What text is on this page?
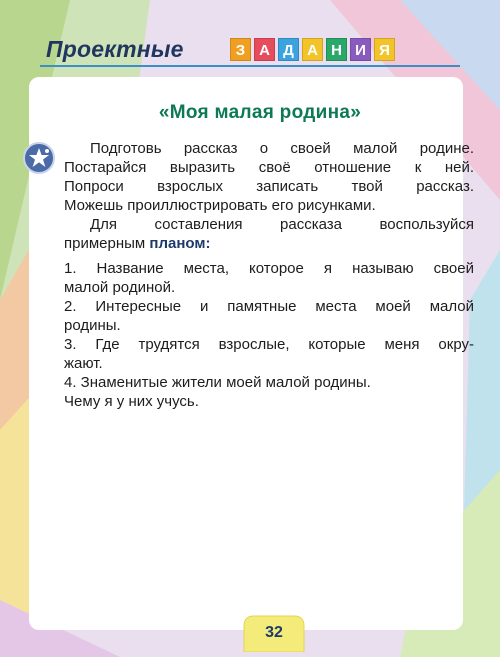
Проектные	З А Д А Н И Я
«Моя малая родина»
Подготовь рассказ о своей малой родине.
Постарайся выразить своё отношение к ней.
Попроси взрослых записать твой рассказ.
Можешь проиллюстрировать его рисунками.
Для составления рассказа воспользуйся
примерным планом:
1. Название места, которое я называю своей
малой родиной.
2. Интересные и памятные места моей малой
родины.
3. Где трудятся взрослые, которые меня окру-
жают.
4. Знаменитые жители моей малой родины.
Чему я у них учусь.
32
